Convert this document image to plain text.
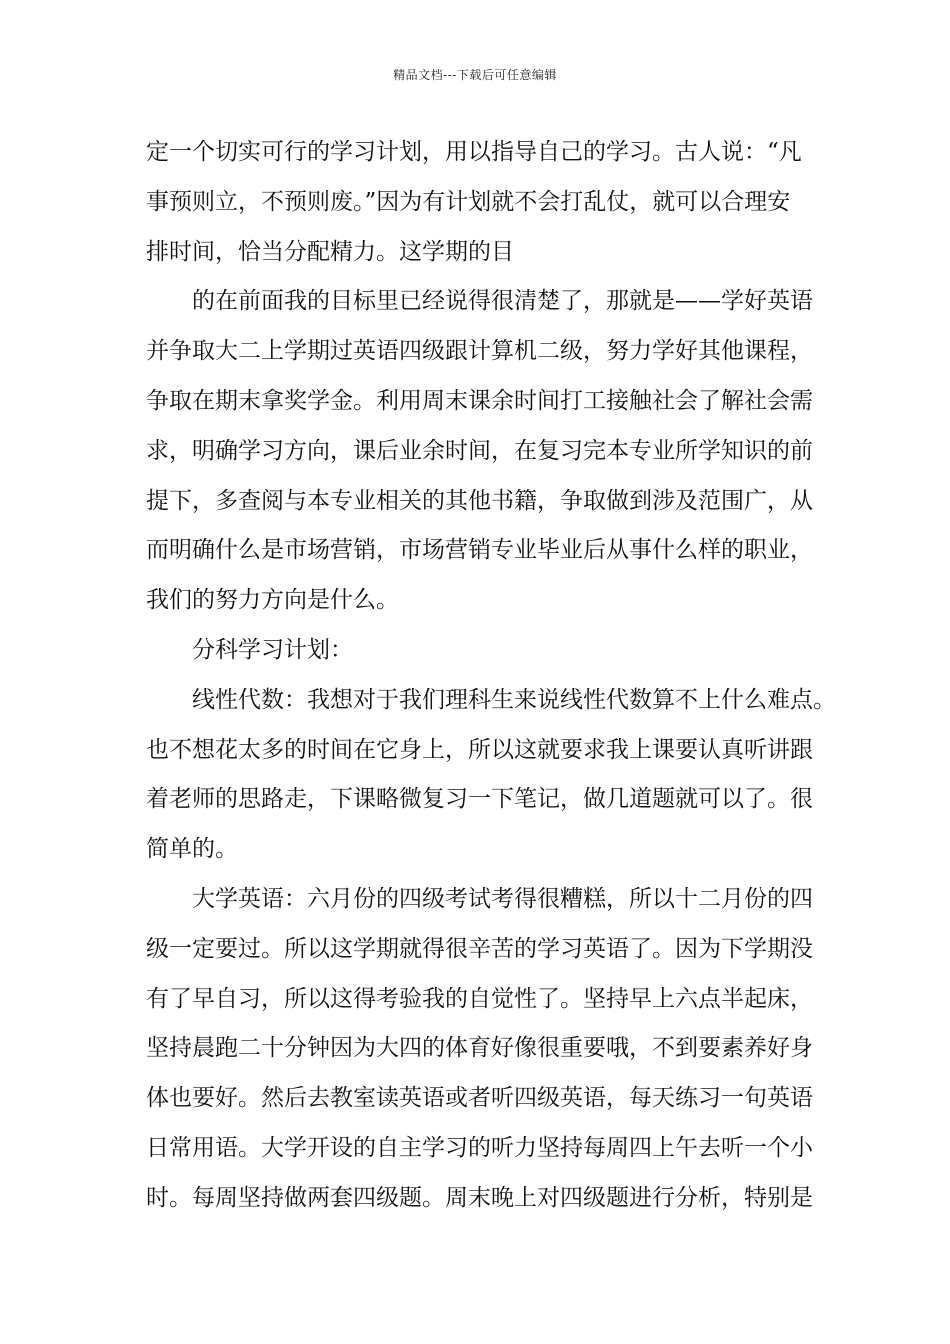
精品文档---下载后可任意编辑
定一个切实可行的学习计划，用以指导自己的学习。古人说：“凡
事预则立，不预则废。”因为有计划就不会打乱仗，就可以合理安
排时间，恰当分配精力。这学期的目
的在前面我的目标里已经说得很清楚了，那就是——学好英语
并争取大二上学期过英语四级跟计算机二级，努力学好其他课程，
争取在期末拿奖学金。利用周末课余时间打工接触社会了解社会需
求，明确学习方向，课后业余时间，在复习完本专业所学知识的前
提下，多查阅与本专业相关的其他书籍，争取做到涉及范围广，从
而明确什么是市场营销，市场营销专业毕业后从事什么样的职业，
我们的努力方向是什么。
分科学习计划：
线性代数：我想对于我们理科生来说线性代数算不上什么难点。
也不想花太多的时间在它身上，所以这就要求我上课要认真听讲跟
着老师的思路走，下课略微复习一下笔记，做几道题就可以了。很
简单的。
大学英语：六月份的四级考试考得很糟糕，所以十二月份的四
级一定要过。所以这学期就得很辛苦的学习英语了。因为下学期没
有了早自习，所以这得考验我的自觉性了。坚持早上六点半起床，
坚持晨跑二十分钟因为大四的体育好像很重要哦，不到要素养好身
体也要好。然后去教室读英语或者听四级英语，每天练习一句英语
日常用语。大学开设的自主学习的听力坚持每周四上午去听一个小
时。每周坚持做两套四级题。周末晚上对四级题进行分析，特别是
